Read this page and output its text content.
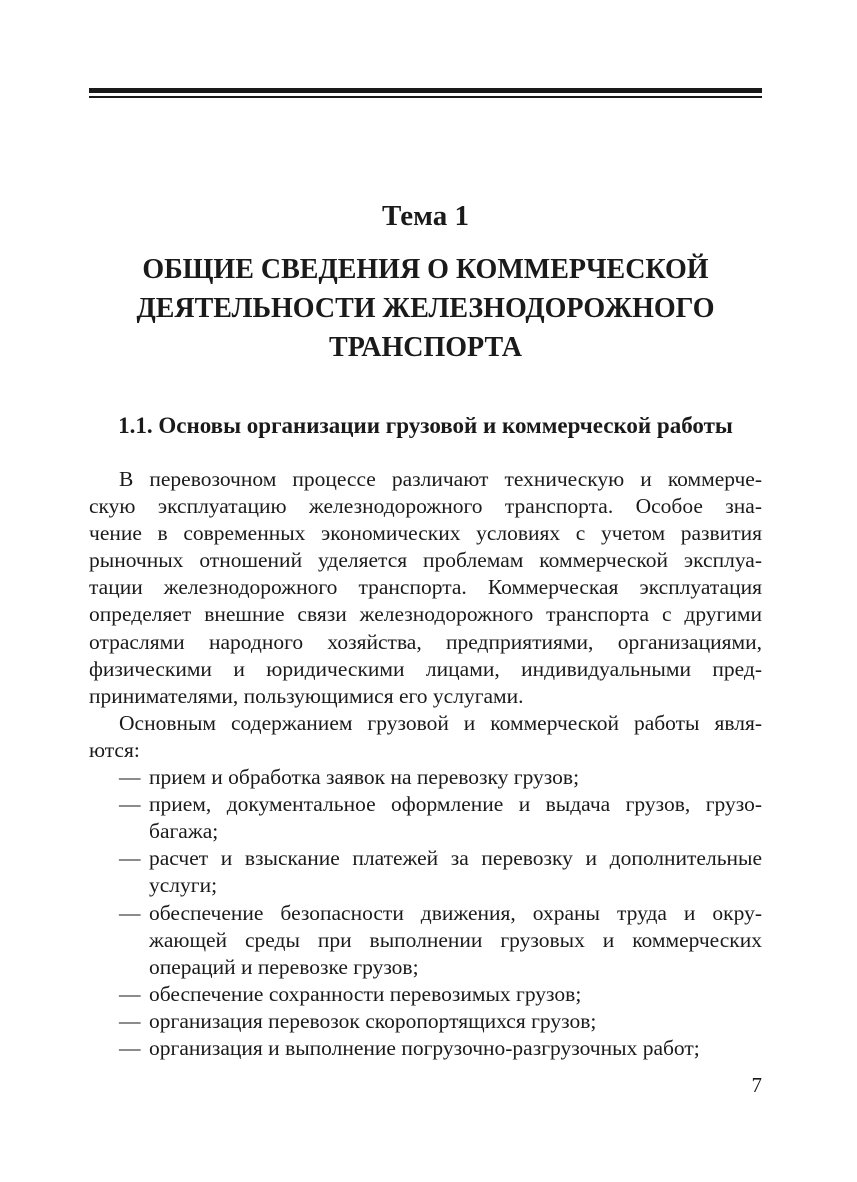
Тема 1
ОБЩИЕ СВЕДЕНИЯ О КОММЕРЧЕСКОЙ
ДЕЯТЕЛЬНОСТИ ЖЕЛЕЗНОДОРОЖНОГО
ТРАНСПОРТА
1.1. Основы организации грузовой и коммерческой работы
В перевозочном процессе различают техническую и коммерче-
скую эксплуатацию железнодорожного транспорта. Особое зна-
чение в современных экономических условиях с учетом развития
рыночных отношений уделяется проблемам коммерческой эксплуа-
тации железнодорожного транспорта. Коммерческая эксплуатация
определяет внешние связи железнодорожного транспорта с другими
отраслями народного хозяйства, предприятиями, организациями,
физическими и юридическими лицами, индивидуальными пред-
принимателями, пользующимися его услугами.
Основным содержанием грузовой и коммерческой работы явля-
ются:
— прием и обработка заявок на перевозку грузов;
— прием, документальное оформление и выдача грузов, грузо-
багажа;
— расчет и взыскание платежей за перевозку и дополнительные
услуги;
— обеспечение безопасности движения, охраны труда и окру-
жающей среды при выполнении грузовых и коммерческих
операций и перевозке грузов;
— обеспечение сохранности перевозимых грузов;
— организация перевозок скоропортящихся грузов;
— организация и выполнение погрузочно-разгрузочных работ;
7
